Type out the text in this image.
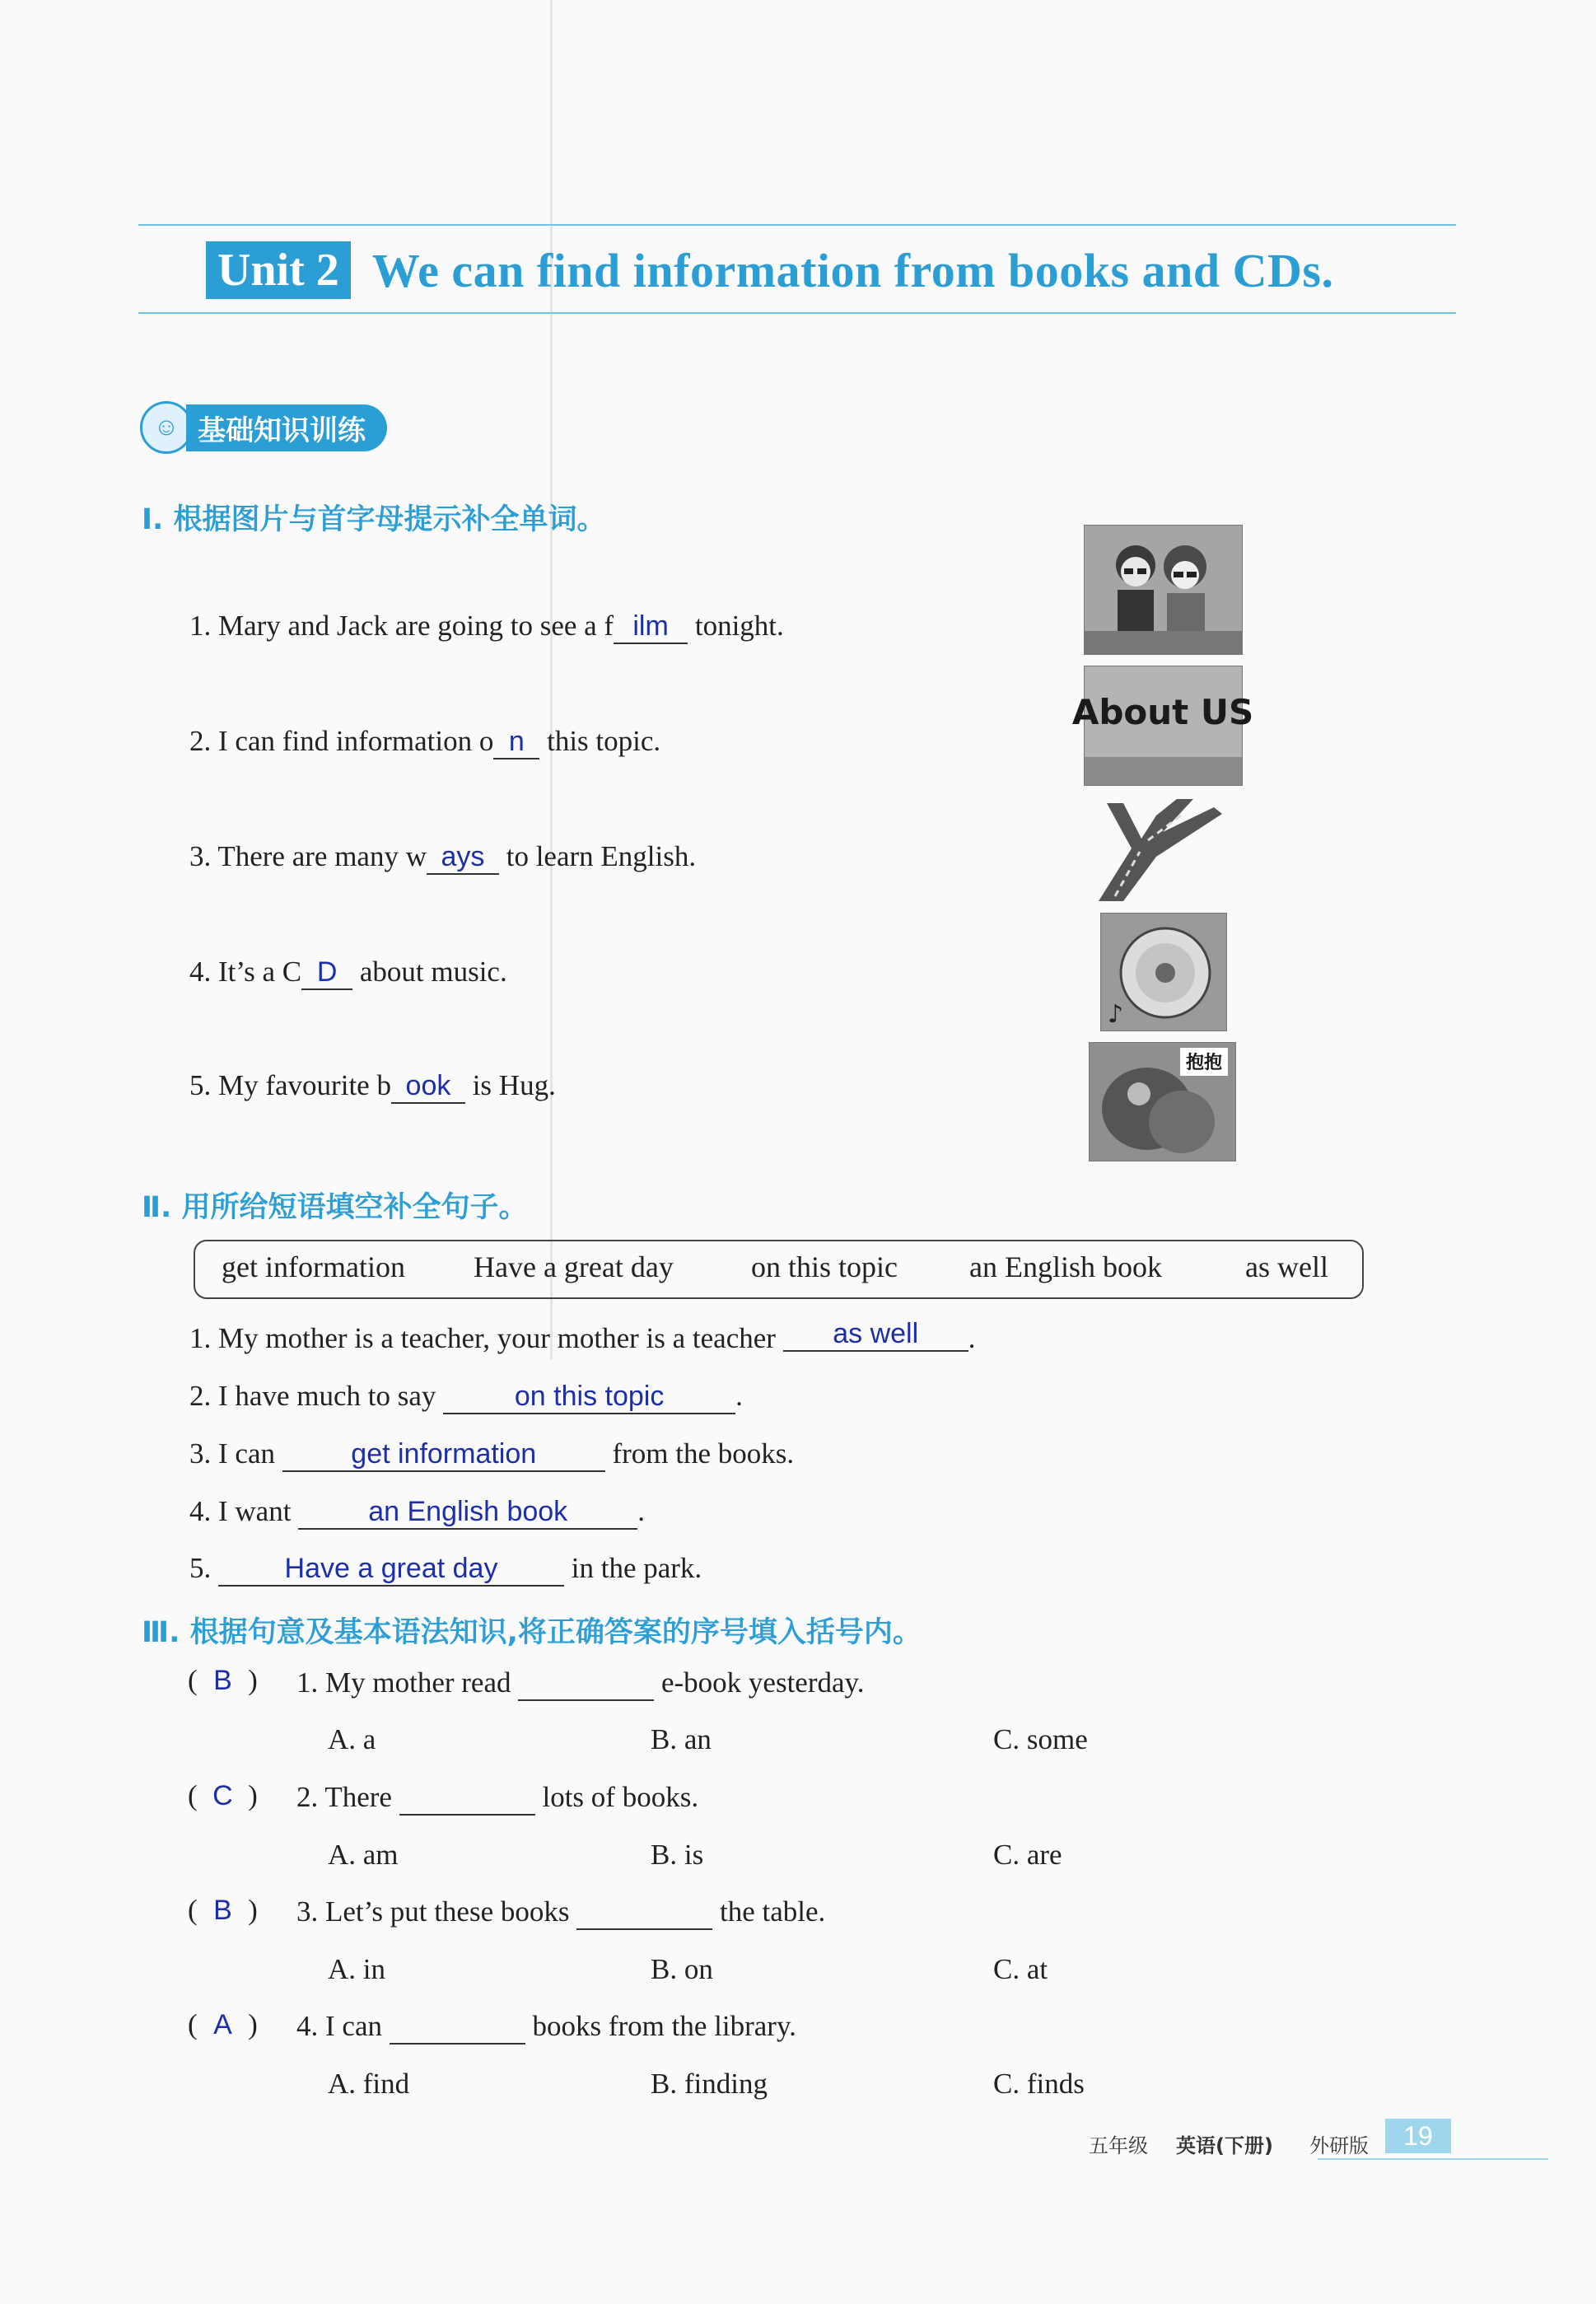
Unit 2 We can find information from books and CDs.
☺ 基础知识训练
Ⅰ. 根据图片与首字母提示补全单词。
1. Mary and Jack are going to see a f ilm tonight.
2. I can find information o n this topic.
3. There are many w ays to learn English.
4. It’s a C D about music.
5. My favourite b ook is Hug.
About US
♪
抱抱
Ⅱ. 用所给短语填空补全句子。
get information Have a great day	on this topic an English book	as well
1. My mother is a teacher, your mother is a teacher as well .
2. I have much to say	on this topic .
3. I can get information from the books.
4. I want	an English book .
5. Have a great day in the park.
Ⅲ. 根据句意及基本语法知识,将正确答案的序号填入括号内。
( B ) 1. My mother read	e-book yesterday.
A. a	B. an	C. some
( C ) 2. There	lots of books.
A. am	B. is	C. are
( B ) 3. Let’s put these books	the table.
A. in	B. on	C. at
( A ) 4. I can	books from the library.
A. find	B. finding	C. finds
五年级 英语(下册) 外研版	19
